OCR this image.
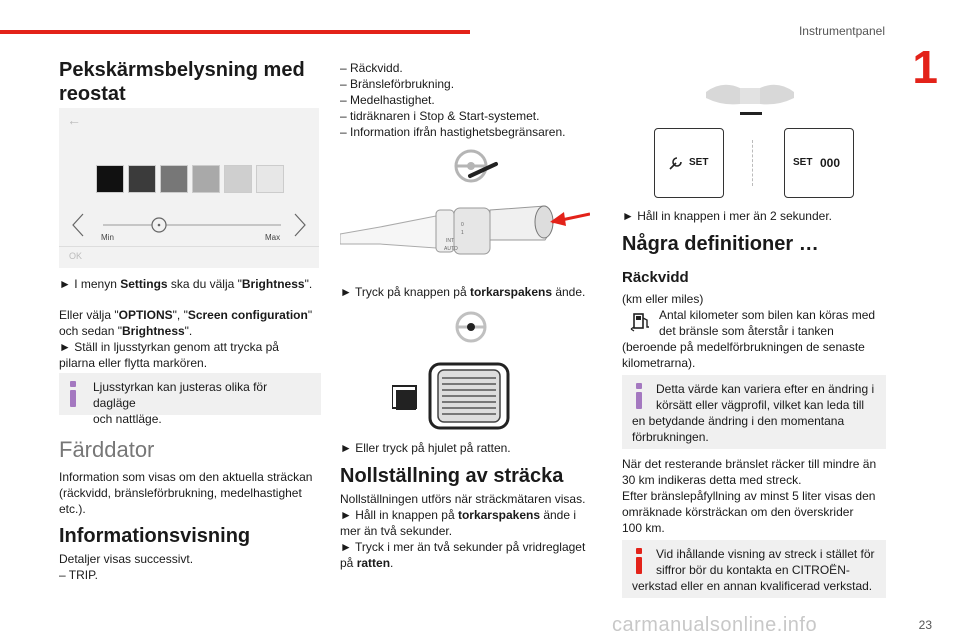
Instrumentpanel
1
Pekskärmsbelysning med reostat
←
Min	Max
OK
► I menyn Settings ska du välja "Brightness".
Eller välja "OPTIONS", "Screen configuration"
och sedan "Brightness".
► Ställ in ljusstyrkan genom att trycka på
pilarna eller flytta markören.
Ljusstyrkan kan justeras olika för dagläge
och nattläge.
Färddator
Information som visas om den aktuella sträckan
(räckvidd, bränsleförbrukning, medelhastighet
etc.).
Informationsvisning
Detaljer visas successivt.
– TRIP.
– Räckvidd.
– Bränsleförbrukning.
– Medelhastighet.
– tidräknaren i Stop & Start-systemet.
– Information ifrån hastighetsbegränsaren.
0
1
INT
AUTO
► Tryck på knappen på torkarspakens ände.
► Eller tryck på hjulet på ratten.
Nollställning av sträcka
Nollställningen utförs när sträckmätaren visas.
► Håll in knappen på torkarspakens ände i
mer än två sekunder.
► Tryck i mer än två sekunder på vridreglaget
på ratten.
SET	SET 000
► Håll in knappen i mer än 2 sekunder.
Några definitioner …
Räckvidd
(km eller miles)
Antal kilometer som bilen kan köras med
det bränsle som återstår i tanken
(beroende på medelförbrukningen de senaste
kilometrarna).
Detta värde kan variera efter en ändring i
körsätt eller vägprofil, vilket kan leda till
en betydande ändring i den momentana
förbrukningen.
När det resterande bränslet räcker till mindre än
30 km indikeras detta med streck.
Efter bränslepåfyllning av minst 5 liter visas den
omräknade körsträckan om den överskrider
100 km.
Vid ihållande visning av streck i stället för
siffror bör du kontakta en CITROËN-
verkstad eller en annan kvalificerad verkstad.
carmanualsonline.info	23
